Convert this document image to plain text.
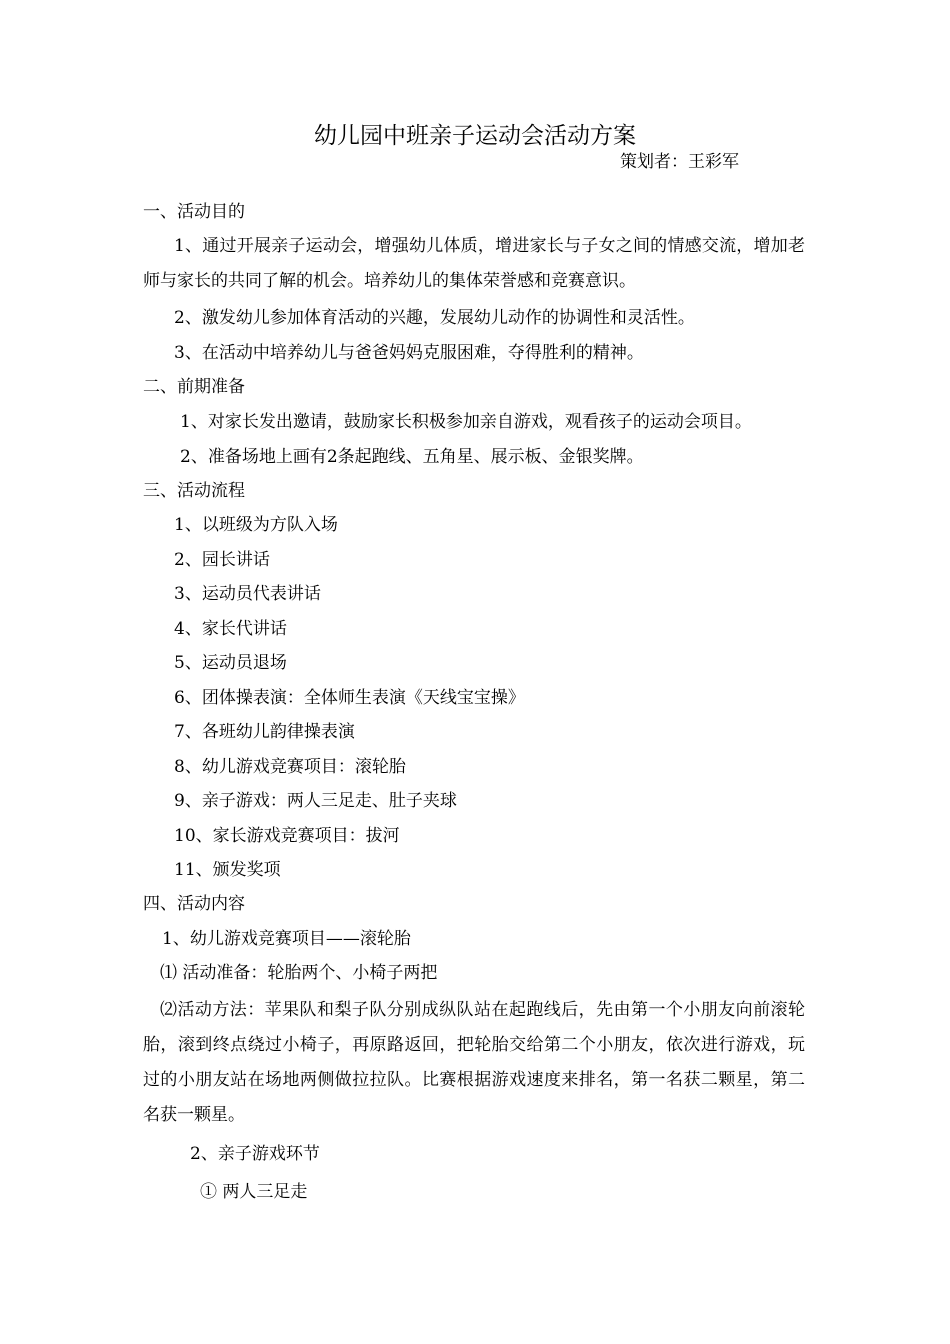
幼儿园中班亲子运动会活动方案
策划者：王彩军
一、活动目的
1、通过开展亲子运动会，增强幼儿体质，增进家长与子女之间的情感交流，增加老师与家长的共同了解的机会。培养幼儿的集体荣誉感和竞赛意识。
2、激发幼儿参加体育活动的兴趣，发展幼儿动作的协调性和灵活性。
3、在活动中培养幼儿与爸爸妈妈克服困难，夺得胜利的精神。
二、前期准备
1、对家长发出邀请，鼓励家长积极参加亲自游戏，观看孩子的运动会项目。
2、准备场地上画有2条起跑线、五角星、展示板、金银奖牌。
三、活动流程
1、以班级为方队入场
2、园长讲话
3、运动员代表讲话
4、家长代讲话
5、运动员退场
6、团体操表演：全体师生表演《天线宝宝操》
7、各班幼儿韵律操表演
8、幼儿游戏竞赛项目：滚轮胎
9、亲子游戏：两人三足走、肚子夹球
10、家长游戏竞赛项目：拔河
11、颁发奖项
四、活动内容
1、幼儿游戏竞赛项目——滚轮胎
⑴ 活动准备：轮胎两个、小椅子两把
⑵活动方法：苹果队和梨子队分别成纵队站在起跑线后，先由第一个小朋友向前滚轮胎，滚到终点绕过小椅子，再原路返回，把轮胎交给第二个小朋友，依次进行游戏，玩过的小朋友站在场地两侧做拉拉队。比赛根据游戏速度来排名，第一名获二颗星，第二名获一颗星。
2、亲子游戏环节
① 两人三足走
